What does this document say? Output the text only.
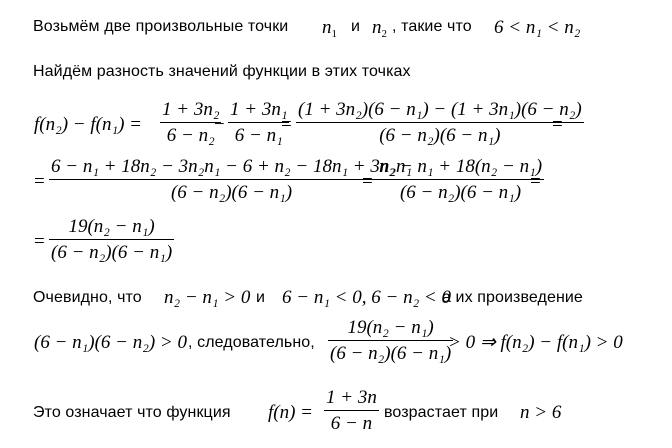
Возьмём две произвольные точки $n_1$ и $n_2$ , такие что 6 < n₁ < n₂
Найдём разность значений функции в этих точках
f(n₂) − f(n₁) =
1 + 3n₂
6 − n₂
−
1 + 3n₁
6 − n₁
=
(1 + 3n₂)(6 − n₁) − (1 + 3n₁)(6 − n₂)
(6 − n₂)(6 − n₁)
=
=
6 − n₁ + 18n₂ − 3n₂n₁ − 6 + n₂ − 18n₁ + 3n₂n₁
(6 − n₂)(6 − n₁)
=
n₂ − n₁ + 18(n₂ − n₁)
(6 − n₂)(6 − n₁)
=
=
19(n₂ − n₁)
(6 − n₂)(6 − n₁)
Очевидно, что n₂ − n₁ > 0 и 6 − n₁ < 0, 6 − n₂ < 0
а их произведение
(6 − n₁)(6 − n₂) > 0 , следовательно,
19(n₂ − n₁)
(6 − n₂)(6 − n₁)
> 0 ⇒ f(n₂) − f(n₁) > 0
Это означает что функция f(n) =
1 + 3n
6 − n
возрастает при n > 6
